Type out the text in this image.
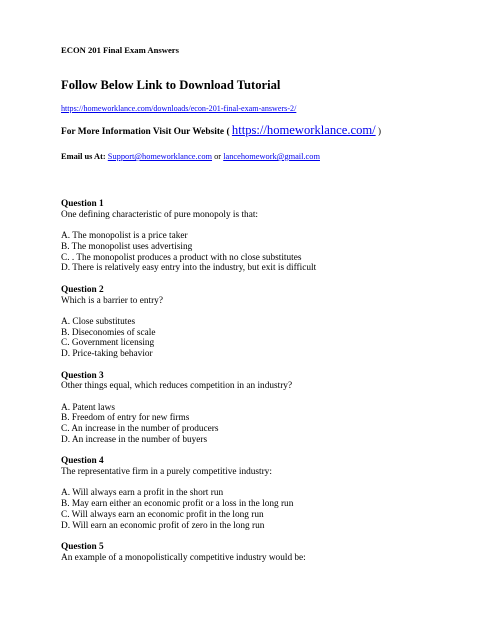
ECON 201 Final Exam Answers
Follow Below Link to Download Tutorial
https://homeworklance.com/downloads/econ-201-final-exam-answers-2/
For More Information Visit Our Website ( https://homeworklance.com/ )
Email us At: Support@homeworklance.com or lancehomework@gmail.com
Question 1
One defining characteristic of pure monopoly is that:
A. The monopolist is a price taker
B. The monopolist uses advertising
C. . The monopolist produces a product with no close substitutes
D. There is relatively easy entry into the industry, but exit is difficult
Question 2
Which is a barrier to entry?
A. Close substitutes
B. Diseconomies of scale
C. Government licensing
D. Price-taking behavior
Question 3
Other things equal, which reduces competition in an industry?
A. Patent laws
B. Freedom of entry for new firms
C. An increase in the number of producers
D. An increase in the number of buyers
Question 4
The representative firm in a purely competitive industry:
A. Will always earn a profit in the short run
B. May earn either an economic profit or a loss in the long run
C. Will always earn an economic profit in the long run
D. Will earn an economic profit of zero in the long run
Question 5
An example of a monopolistically competitive industry would be:
